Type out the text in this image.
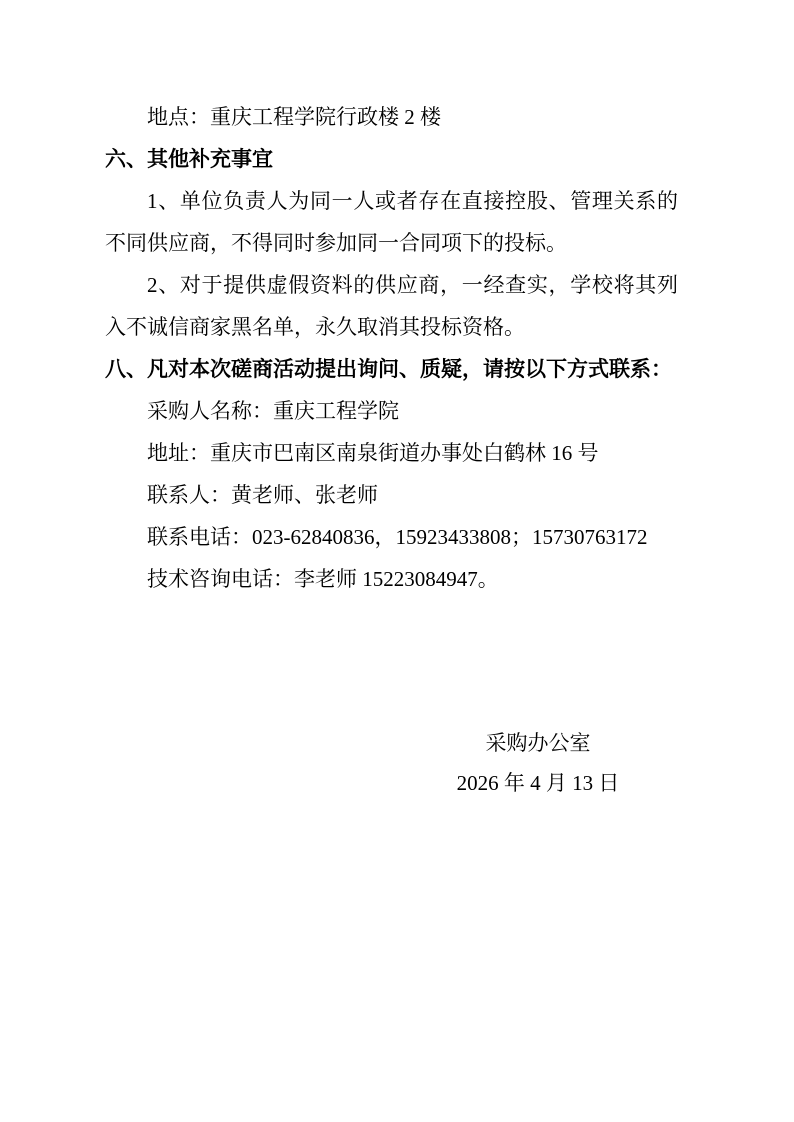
地点：重庆工程学院行政楼 2 楼

六、其他补充事宜

1、单位负责人为同一人或者存在直接控股、管理关系的不同供应商，不得同时参加同一合同项下的投标。

2、对于提供虚假资料的供应商，一经查实，学校将其列入不诚信商家黑名单，永久取消其投标资格。

八、凡对本次磋商活动提出询问、质疑，请按以下方式联系：

采购人名称：重庆工程学院

地址：重庆市巴南区南泉街道办事处白鹤林 16 号

联系人：黄老师、张老师

联系电话：023-62840836，15923433808；15730763172

技术咨询电话：李老师 15223084947。

采购办公室

2026 年 4 月 13 日
